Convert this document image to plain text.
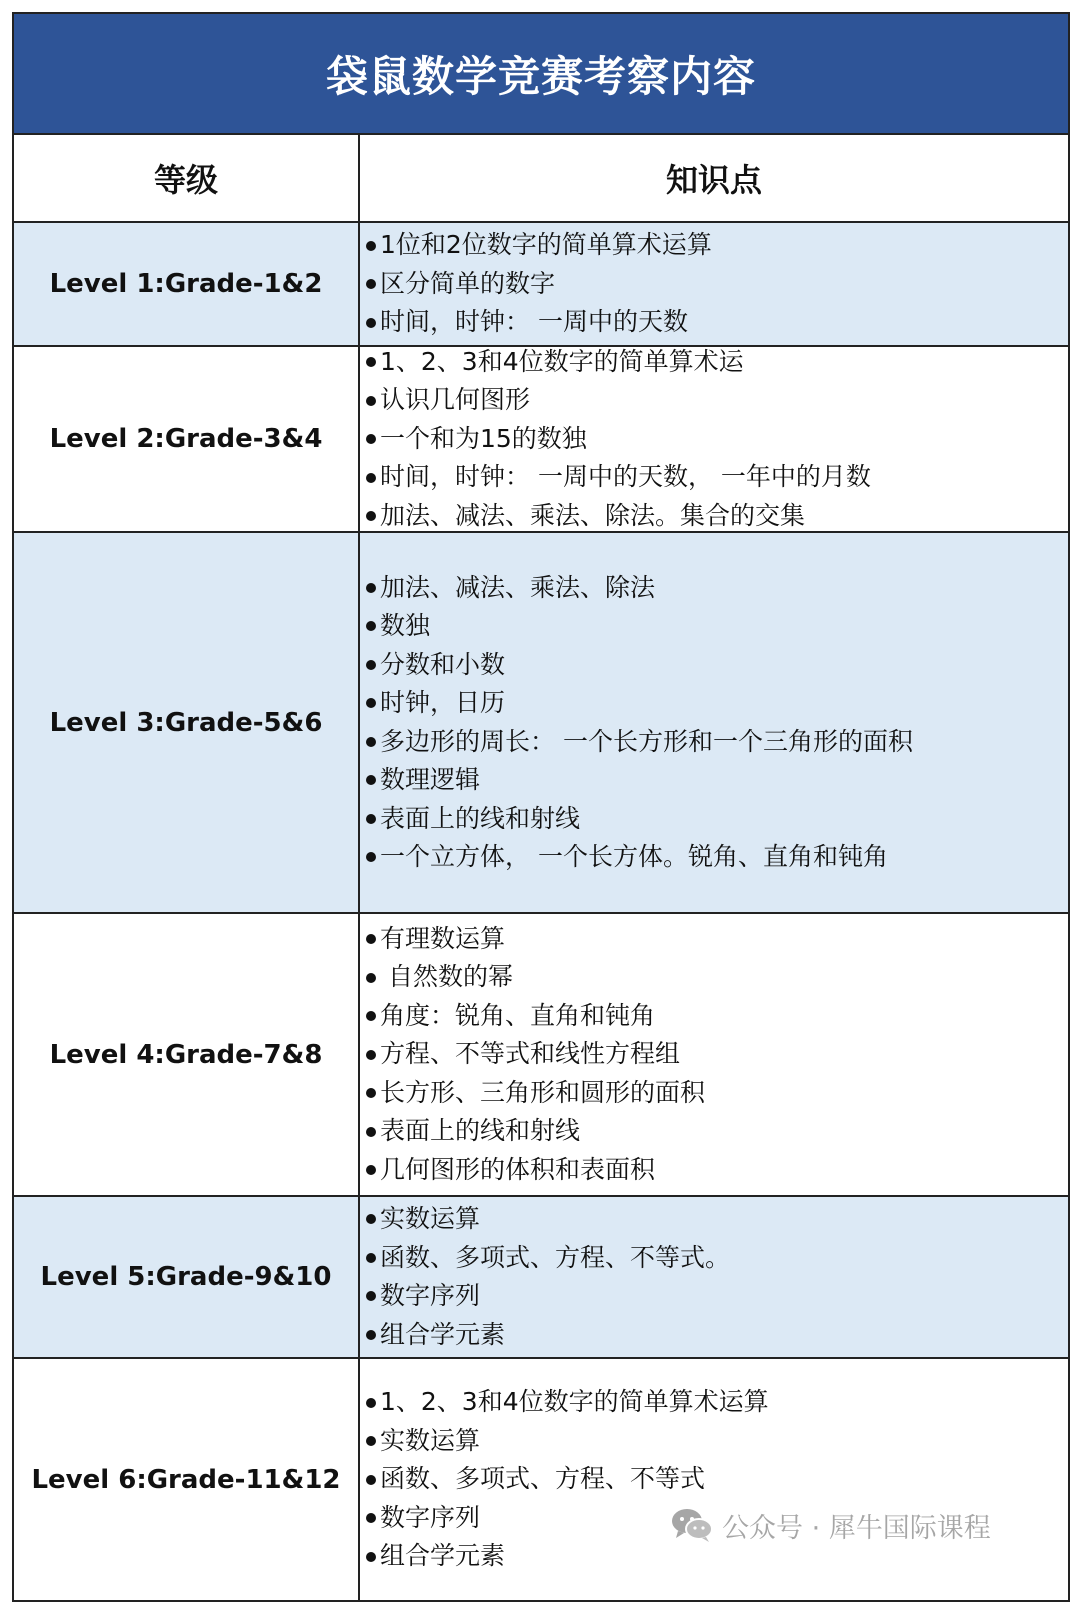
袋鼠数学竞赛考察内容
等级	知识点
Level 1:Grade-1&2
1位和2位数字的简单算术运算
区分简单的数字
时间，时钟： 一周中的天数
Level 2:Grade-3&4
1、2、3和4位数字的简单算术运
认识几何图形
一个和为15的数独
时间，时钟： 一周中的天数， 一年中的月数
加法、减法、乘法、除法。集合的交集
Level 3:Grade-5&6
加法、减法、乘法、除法
数独
分数和小数
时钟，日历
多边形的周长： 一个长方形和一个三角形的面积
数理逻辑
表面上的线和射线
一个立方体， 一个长方体。锐角、直角和钝角
Level 4:Grade-7&8
有理数运算
自然数的幂
角度：锐角、直角和钝角
方程、不等式和线性方程组
长方形、三角形和圆形的面积
表面上的线和射线
几何图形的体积和表面积
Level 5:Grade-9&10
实数运算
函数、多项式、方程、不等式。
数字序列
组合学元素
Level 6:Grade-11&12
1、2、3和4位数字的简单算术运算
实数运算
函数、多项式、方程、不等式
数字序列
组合学元素
公众号 · 犀牛国际课程
